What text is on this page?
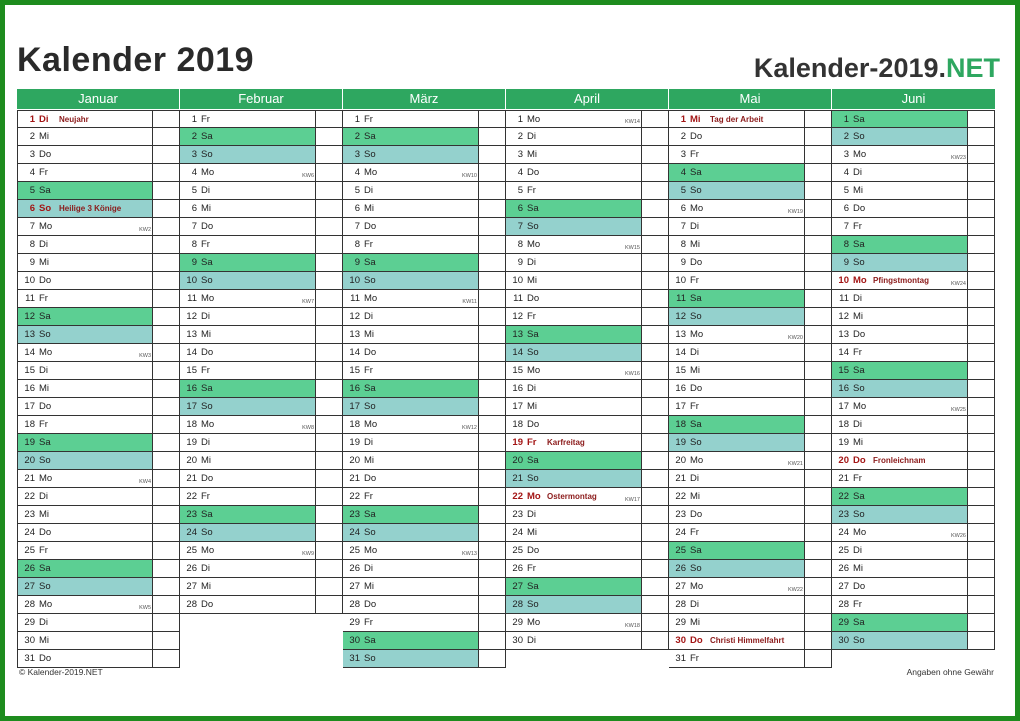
Kalender 2019	Kalender-2019.NET
Januar	Februar	März	April	Mai	Juni
1 Di	Neujahr
2 Mi
3 Do
4 Fr
5 Sa
6 So Heilige 3 Könige
7 Mo	KW2
8 Di
9 Mi
10 Do
11 Fr
12 Sa
13 So
14 Mo	KW3
15 Di
16 Mi
17 Do
18 Fr
19 Sa
20 So
21 Mo	KW4
22 Di
23 Mi
24 Do
25 Fr
26 Sa
27 So
28 Mo	KW5
29 Di
30 Mi
31 Do
1 Fr
2 Sa
3 So
4 Mo	KW6
5 Di
6 Mi
7 Do
8 Fr
9 Sa
10 So
11 Mo	KW7
12 Di
13 Mi
14 Do
15 Fr
16 Sa
17 So
18 Mo	KW8
19 Di
20 Mi
21 Do
22 Fr
23 Sa
24 So
25 Mo	KW9
26 Di
27 Mi
28 Do
1 Fr
2 Sa
3 So
4 Mo	KW10
5 Di
6 Mi
7 Do
8 Fr
9 Sa
10 So
11 Mo	KW11
12 Di
13 Mi
14 Do
15 Fr
16 Sa
17 So
18 Mo	KW12
19 Di
20 Mi
21 Do
22 Fr
23 Sa
24 So
25 Mo	KW13
26 Di
27 Mi
28 Do
29 Fr
30 Sa
31 So
1 Mo	KW14
2 Di
3 Mi
4 Do
5 Fr
6 Sa
7 So
8 Mo	KW15
9 Di
10 Mi
11 Do
12 Fr
13 Sa
14 So
15 Mo	KW16
16 Di
17 Mi
18 Do
19 Fr	Karfreitag
20 Sa
21 So
22 Mo Ostermontag	KW17
23 Di
24 Mi
25 Do
26 Fr
27 Sa
28 So
29 Mo	KW18
30 Di
1 Mi	Tag der Arbeit
2 Do
3 Fr
4 Sa
5 So
6 Mo	KW19
7 Di
8 Mi
9 Do
10 Fr
11 Sa
12 So
13 Mo	KW20
14 Di
15 Mi
16 Do
17 Fr
18 Sa
19 So
20 Mo	KW21
21 Di
22 Mi
23 Do
24 Fr
25 Sa
26 So
27 Mo	KW22
28 Di
29 Mi
30 Do Christi Himmelfahrt
31 Fr
1 Sa
2 So
3 Mo	KW23
4 Di
5 Mi
6 Do
7 Fr
8 Sa
9 So
10 Mo Pfingstmontag	KW24
11 Di
12 Mi
13 Do
14 Fr
15 Sa
16 So
17 Mo	KW25
18 Di
19 Mi
20 Do Fronleichnam
21 Fr
22 Sa
23 So
24 Mo	KW26
25 Di
26 Mi
27 Do
28 Fr
29 Sa
30 So
© Kalender-2019.NET	Angaben ohne Gewähr
